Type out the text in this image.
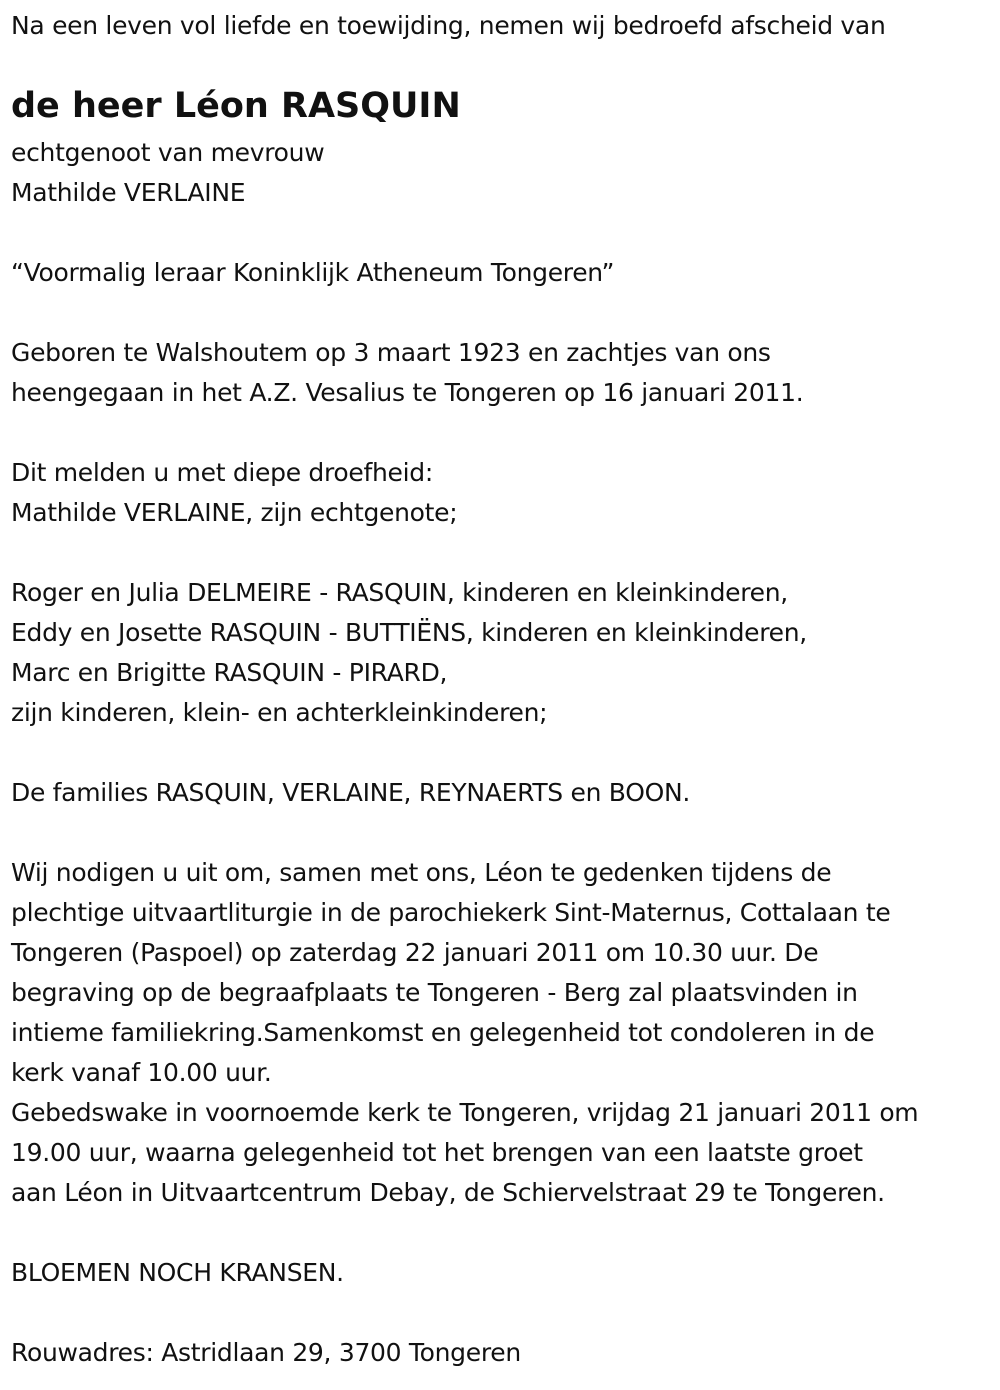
Na een leven vol liefde en toewijding, nemen wij bedroefd afscheid van
de heer Léon RASQUIN
echtgenoot van mevrouw
Mathilde VERLAINE
“Voormalig leraar Koninklijk Atheneum Tongeren”
Geboren te Walshoutem op 3 maart 1923 en zachtjes van ons
heengegaan in het A.Z. Vesalius te Tongeren op 16 januari 2011.
Dit melden u met diepe droefheid:
Mathilde VERLAINE, zijn echtgenote;
Roger en Julia DELMEIRE - RASQUIN, kinderen en kleinkinderen,
Eddy en Josette RASQUIN - BUTTIËNS, kinderen en kleinkinderen,
Marc en Brigitte RASQUIN - PIRARD,
zijn kinderen, klein- en achterkleinkinderen;
De families RASQUIN, VERLAINE, REYNAERTS en BOON.
Wij nodigen u uit om, samen met ons, Léon te gedenken tijdens de
plechtige uitvaartliturgie in de parochiekerk Sint-Maternus, Cottalaan te
Tongeren (Paspoel) op zaterdag 22 januari 2011 om 10.30 uur. De
begraving op de begraafplaats te Tongeren - Berg zal plaatsvinden in
intieme familiekring.Samenkomst en gelegenheid tot condoleren in de
kerk vanaf 10.00 uur.
Gebedswake in voornoemde kerk te Tongeren, vrijdag 21 januari 2011 om
19.00 uur, waarna gelegenheid tot het brengen van een laatste groet
aan Léon in Uitvaartcentrum Debay, de Schiervelstraat 29 te Tongeren.
BLOEMEN NOCH KRANSEN.
Rouwadres: Astridlaan 29, 3700 Tongeren
